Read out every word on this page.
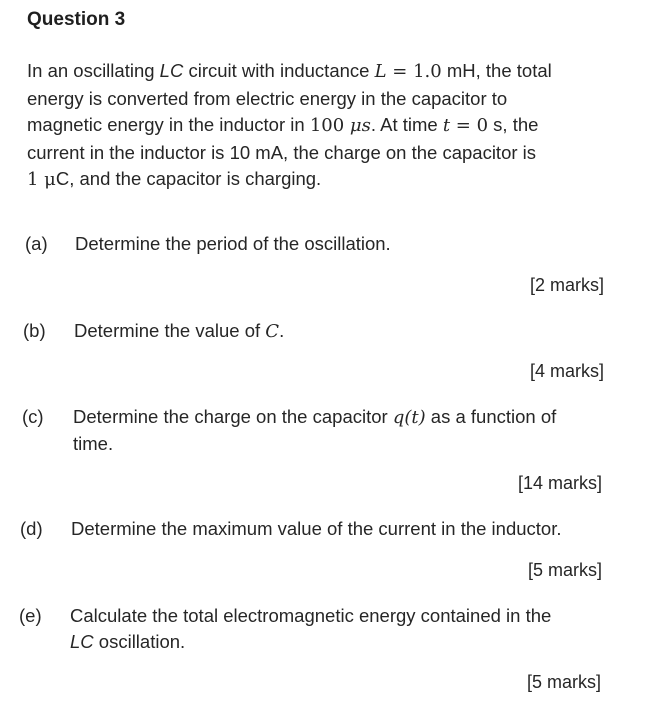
Question 3
In an oscillating LC circuit with inductance L = 1.0 mH, the total
energy is converted from electric energy in the capacitor to
magnetic energy in the inductor in 100 μs. At time t = 0 s, the
current in the inductor is 10 mA, the charge on the capacitor is
1 μC, and the capacitor is charging.
(a) Determine the period of the oscillation.
[2 marks]
(b) Determine the value of C.
[4 marks]
(c) Determine the charge on the capacitor q(t) as a function of
time.
[14 marks]
(d) Determine the maximum value of the current in the inductor.
[5 marks]
(e) Calculate the total electromagnetic energy contained in the
LC oscillation.
[5 marks]
